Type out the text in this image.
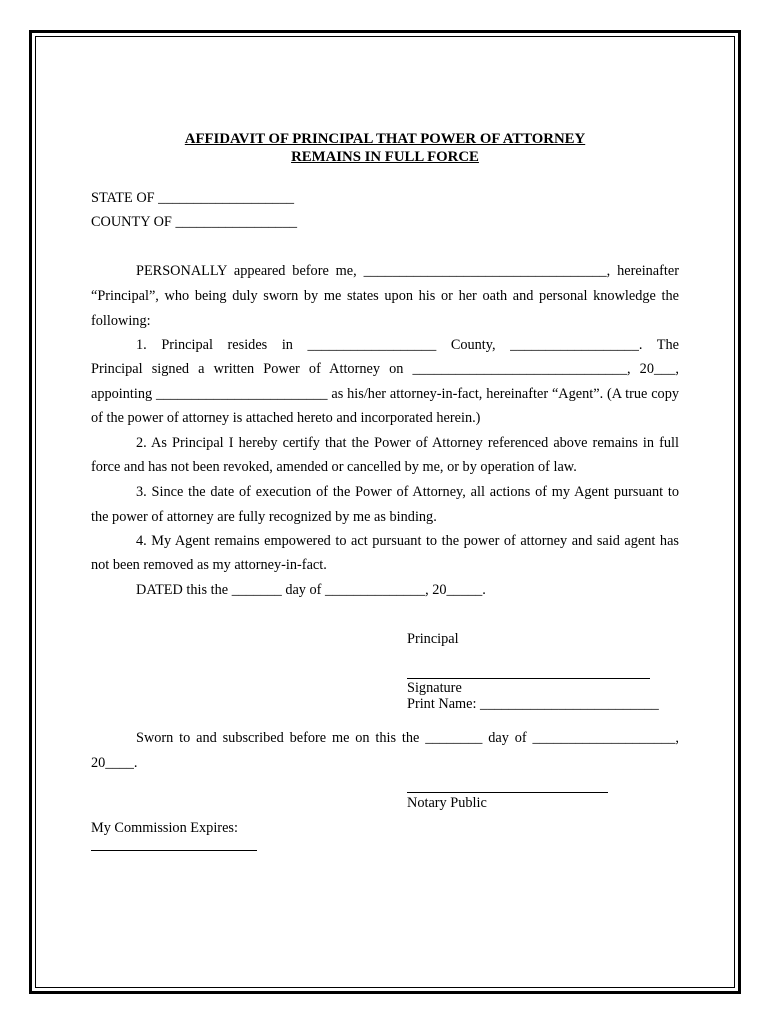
AFFIDAVIT OF PRINCIPAL THAT POWER OF ATTORNEY
REMAINS IN FULL FORCE
STATE OF ___________________
COUNTY OF _________________
PERSONALLY appeared before me, __________________________________, hereinafter
“Principal”, who being duly sworn by me states upon his or her oath and personal knowledge the
following:
1. Principal resides in __________________ County, __________________. The
Principal signed a written Power of Attorney on ______________________________, 20___,
appointing ________________________ as his/her attorney-in-fact, hereinafter “Agent”. (A true copy
of the power of attorney is attached hereto and incorporated herein.)
2. As Principal I hereby certify that the Power of Attorney referenced above remains in full
force and has not been revoked, amended or cancelled by me, or by operation of law.
3. Since the date of execution of the Power of Attorney, all actions of my Agent pursuant to
the power of attorney are fully recognized by me as binding.
4. My Agent remains empowered to act pursuant to the power of attorney and said agent has
not been removed as my attorney-in-fact.
DATED this the _______ day of ______________, 20_____.
Principal
Signature
Print Name: _________________________
Sworn to and subscribed before me on this the ________ day of ____________________,
20____.
Notary Public
My Commission Expires:
